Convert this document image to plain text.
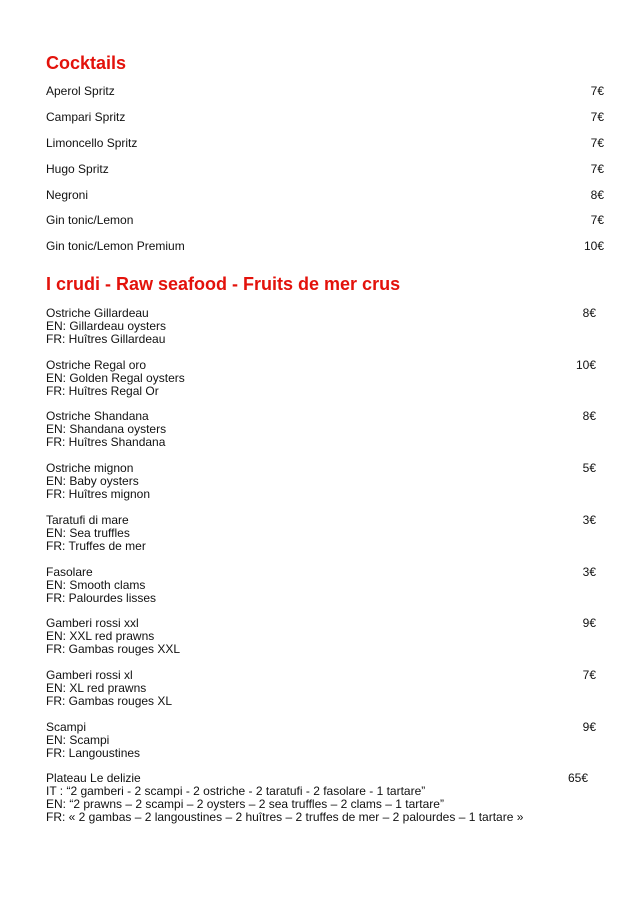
Cocktails
Aperol Spritz	7€
Campari Spritz	7€
Limoncello Spritz	7€
Hugo Spritz	7€
Negroni	8€
Gin tonic/Lemon	7€
Gin tonic/Lemon Premium	10€
I crudi - Raw seafood - Fruits de mer crus
Ostriche Gillardeau
EN: Gillardeau oysters
FR: Huîtres Gillardeau
8€
Ostriche Regal oro
EN: Golden Regal oysters
FR: Huîtres Regal Or
10€
Ostriche Shandana
EN: Shandana oysters
FR: Huîtres Shandana
8€
Ostriche mignon
EN: Baby oysters
FR: Huîtres mignon
5€
Taratufi di mare
EN: Sea truffles
FR: Truffes de mer
3€
Fasolare
EN: Smooth clams
FR: Palourdes lisses
3€
Gamberi rossi xxl
EN: XXL red prawns
FR: Gambas rouges XXL
9€
Gamberi rossi xl
EN: XL red prawns
FR: Gambas rouges XL
7€
Scampi
EN: Scampi
FR: Langoustines
9€
Plateau Le delizie
IT : “2 gamberi - 2 scampi - 2 ostriche - 2 taratufi - 2 fasolare - 1 tartare”
EN: “2 prawns – 2 scampi – 2 oysters – 2 sea truffles – 2 clams – 1 tartare”
FR: « 2 gambas – 2 langoustines – 2 huîtres – 2 truffes de mer – 2 palourdes – 1 tartare »
65€
